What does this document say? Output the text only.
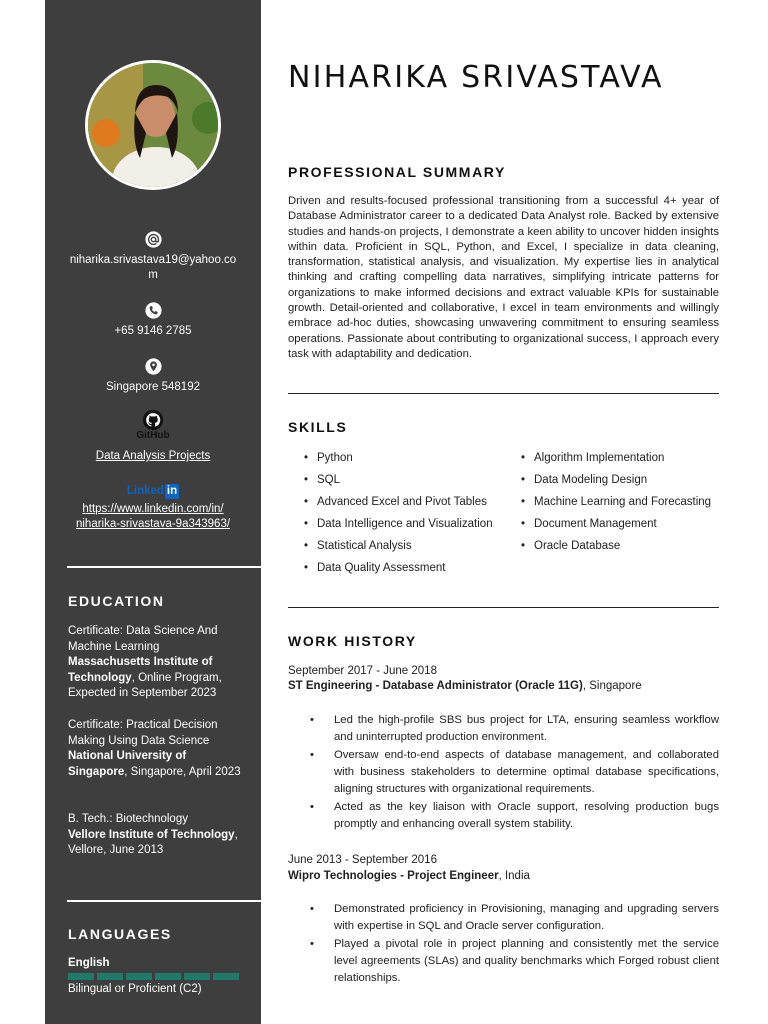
niharika.srivastava19@yahoo.com
+65 9146 2785
Singapore 548192
GitHub
Data Analysis Projects
Linked in
https://www.linkedin.com/in/
niharika-srivastava-9a343963/
EDUCATION
Certificate: Data Science And Machine Learning
Massachusetts Institute of Technology, Online Program, Expected in September 2023
Certificate: Practical Decision Making Using Data Science
National University of Singapore, Singapore, April 2023
B. Tech.: Biotechnology
Vellore Institute of Technology, Vellore, June 2013
LANGUAGES
English
Bilingual or Proficient (C2)
NIHARIKA SRIVASTAVA
PROFESSIONAL SUMMARY

Driven and results-focused professional transitioning from a successful 4+ year of Database Administrator career to a dedicated Data Analyst role. Backed by extensive studies and hands-on projects, I demonstrate a keen ability to uncover hidden insights within data. Proficient in SQL, Python, and Excel, I specialize in data cleaning, transformation, statistical analysis, and visualization. My expertise lies in analytical thinking and crafting compelling data narratives, simplifying intricate patterns for organizations to make informed decisions and extract valuable KPIs for sustainable growth. Detail-oriented and collaborative, I excel in team environments and willingly embrace ad-hoc duties, showcasing unwavering commitment to ensuring seamless operations. Passionate about contributing to organizational success, I approach every task with adaptability and dedication.

SKILLS
• Python
• SQL
• Advanced Excel and Pivot Tables
• Data Intelligence and Visualization
• Statistical Analysis
• Data Quality Assessment
• Algorithm Implementation
• Data Modeling Design
• Machine Learning and Forecasting
• Document Management
• Oracle Database
WORK HISTORY
September 2017 - June 2018
ST Engineering - Database Administrator (Oracle 11G), Singapore
• Led the high-profile SBS bus project for LTA, ensuring seamless workflow and uninterrupted production environment.
• Oversaw end-to-end aspects of database management, and collaborated with business stakeholders to determine optimal database specifications, aligning structures with organizational requirements.
• Acted as the key liaison with Oracle support, resolving production bugs promptly and enhancing overall system stability.
June 2013 - September 2016
Wipro Technologies - Project Engineer, India
• Demonstrated proficiency in Provisioning, managing and upgrading servers with expertise in SQL and Oracle server configuration.
• Played a pivotal role in project planning and consistently met the service level agreements (SLAs) and quality benchmarks which Forged robust client relationships.
